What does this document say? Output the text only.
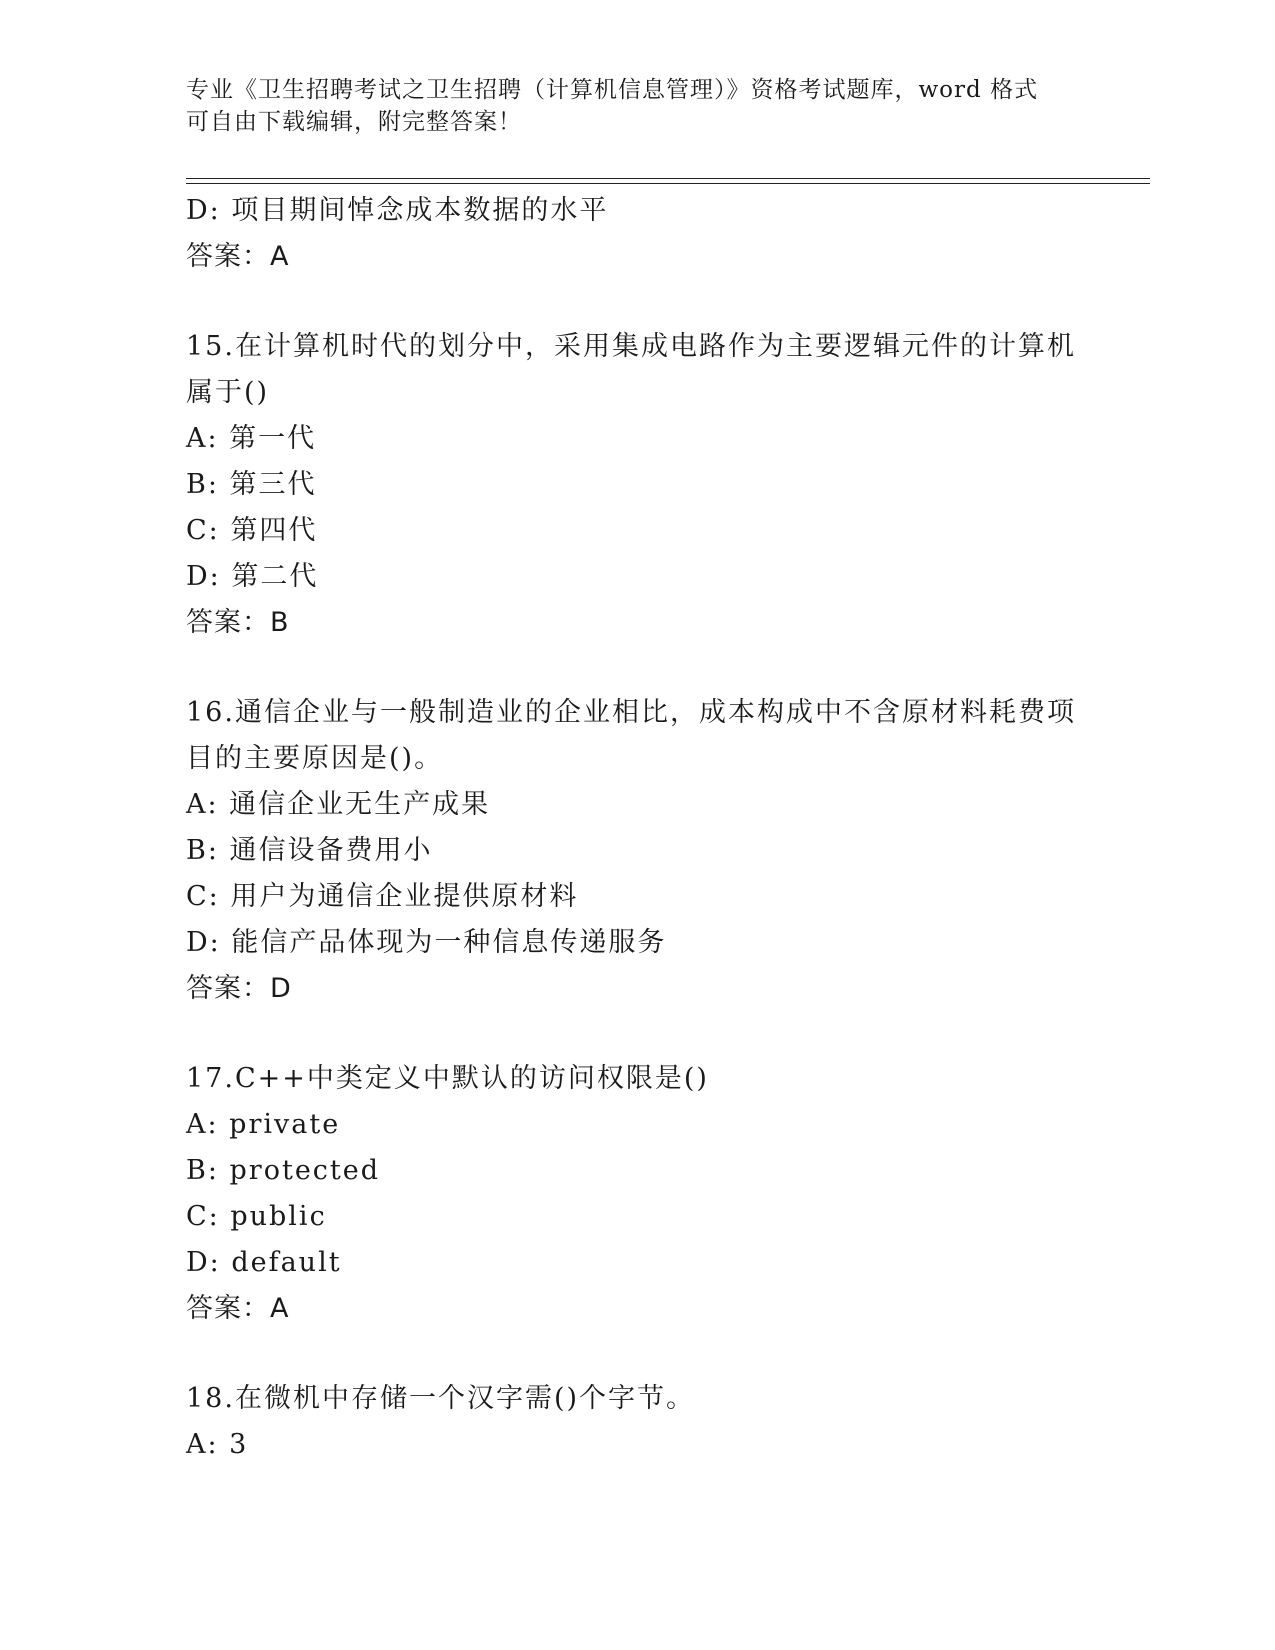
专业《卫生招聘考试之卫生招聘（计算机信息管理）》资格考试题库，word 格式
可自由下载编辑，附完整答案！
D: 项目期间悼念成本数据的水平
答案：A
15.在计算机时代的划分中，采用集成电路作为主要逻辑元件的计算机
属于()
A: 第一代
B: 第三代
C: 第四代
D: 第二代
答案：B
16.通信企业与一般制造业的企业相比，成本构成中不含原材料耗费项
目的主要原因是()。
A: 通信企业无生产成果
B: 通信设备费用小
C: 用户为通信企业提供原材料
D: 能信产品体现为一种信息传递服务
答案：D
17.C++中类定义中默认的访问权限是()
A: private
B: protected
C: public
D: default
答案：A
18.在微机中存储一个汉字需()个字节。
A: 3
